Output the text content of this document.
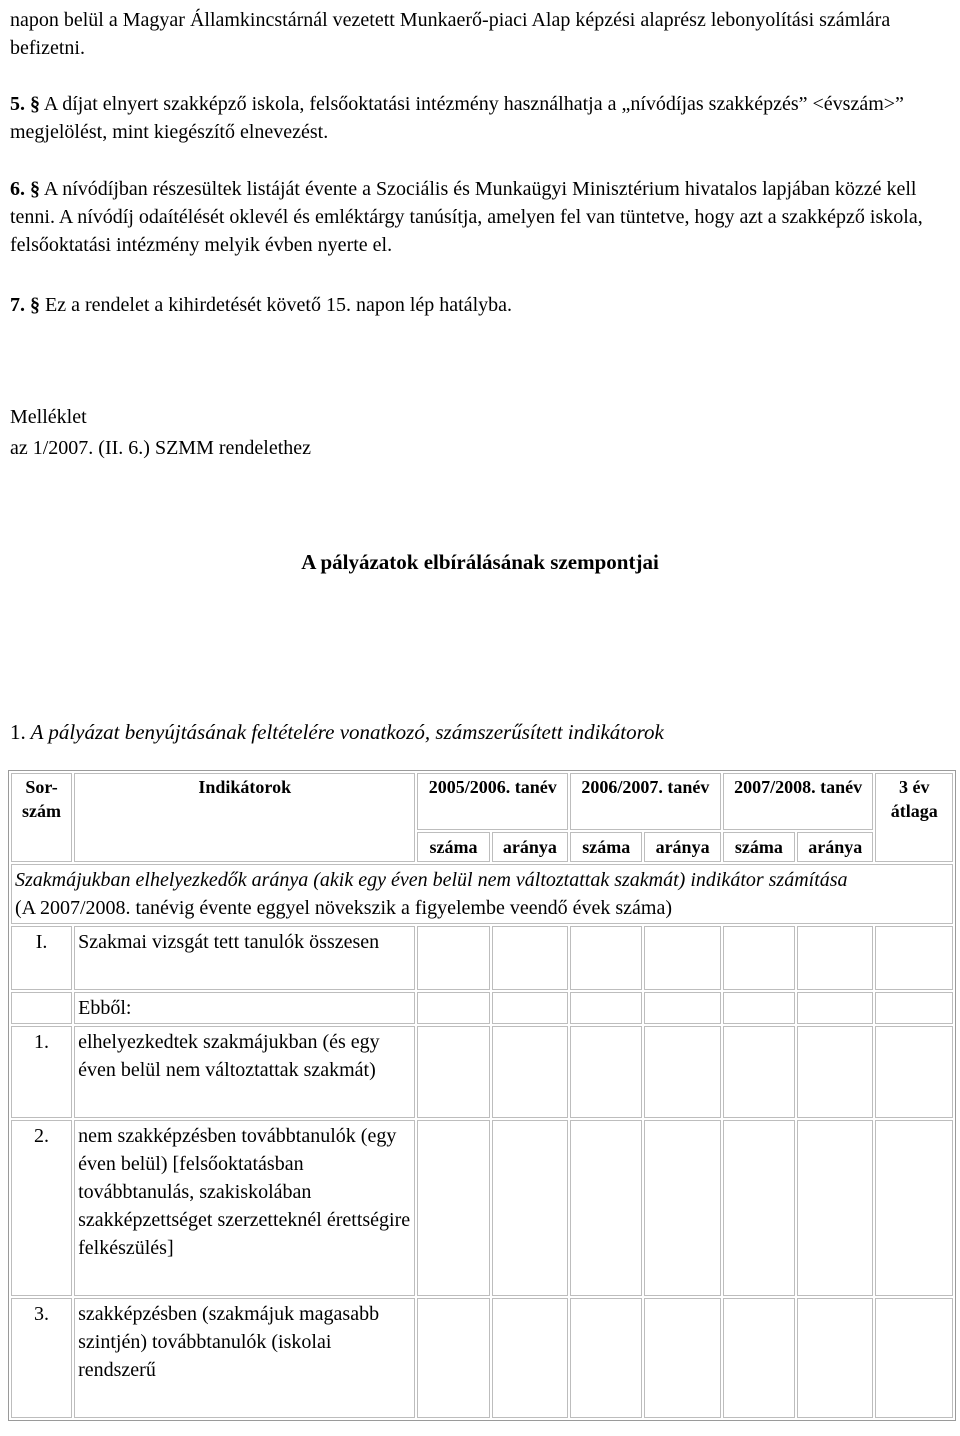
napon belül a Magyar Államkincstárnál vezetett Munkaerő-piaci Alap képzési alaprész lebonyolítási számlára befizetni.

5. § A díjat elnyert szakképző iskola, felsőoktatási intézmény használhatja a „nívódíjas szakképzés” <évszám>” megjelölést, mint kiegészítő elnevezést.

6. § A nívódíjban részesültek listáját évente a Szociális és Munkaügyi Minisztérium hivatalos lapjában közzé kell tenni. A nívódíj odaítélését oklevél és emléktárgy tanúsítja, amelyen fel van tüntetve, hogy azt a szakképző iskola, felsőoktatási intézmény melyik évben nyerte el.

7. § Ez a rendelet a kihirdetését követő 15. napon lép hatályba.

Melléklet
az 1/2007. (II. 6.) SZMM rendelethez
A pályázatok elbírálásának szempontjai
1. A pályázat benyújtásának feltételére vonatkozó, számszerűsített indikátorok
Sor-szám	Indikátorok	2005/2006. tanév		2006/2007. tanév		2007/2008. tanév		3 év átlaga
		száma	aránya	száma	aránya	száma	aránya	
Szakmájukban elhelyezkedők aránya (akik egy éven belül nem változtattak szakmát) indikátor számítása
(A 2007/2008. tanévig évente eggyel növekszik a figyelembe veendő évek száma)								
I.	Szakmai vizsgát tett tanulók összesen							
	Ebből:							
1.	elhelyezkedtek szakmájukban (és egy éven belül nem változtattak szakmát)							
2.	nem szakképzésben továbbtanulók (egy éven belül) [felsőoktatásban továbbtanulás, szakiskolában szakképzettséget szerzetteknél érettségire felkészülés]							
3.	szakképzésben (szakmájuk magasabb szintjén) továbbtanulók (iskolai rendszerű							
